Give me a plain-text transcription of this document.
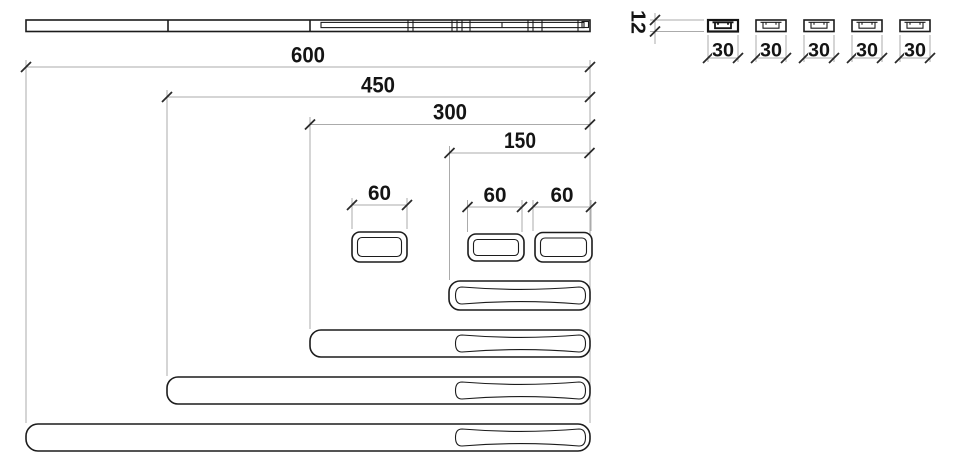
600
450
300
150
60	60 60
12
30 30 30 30 30
